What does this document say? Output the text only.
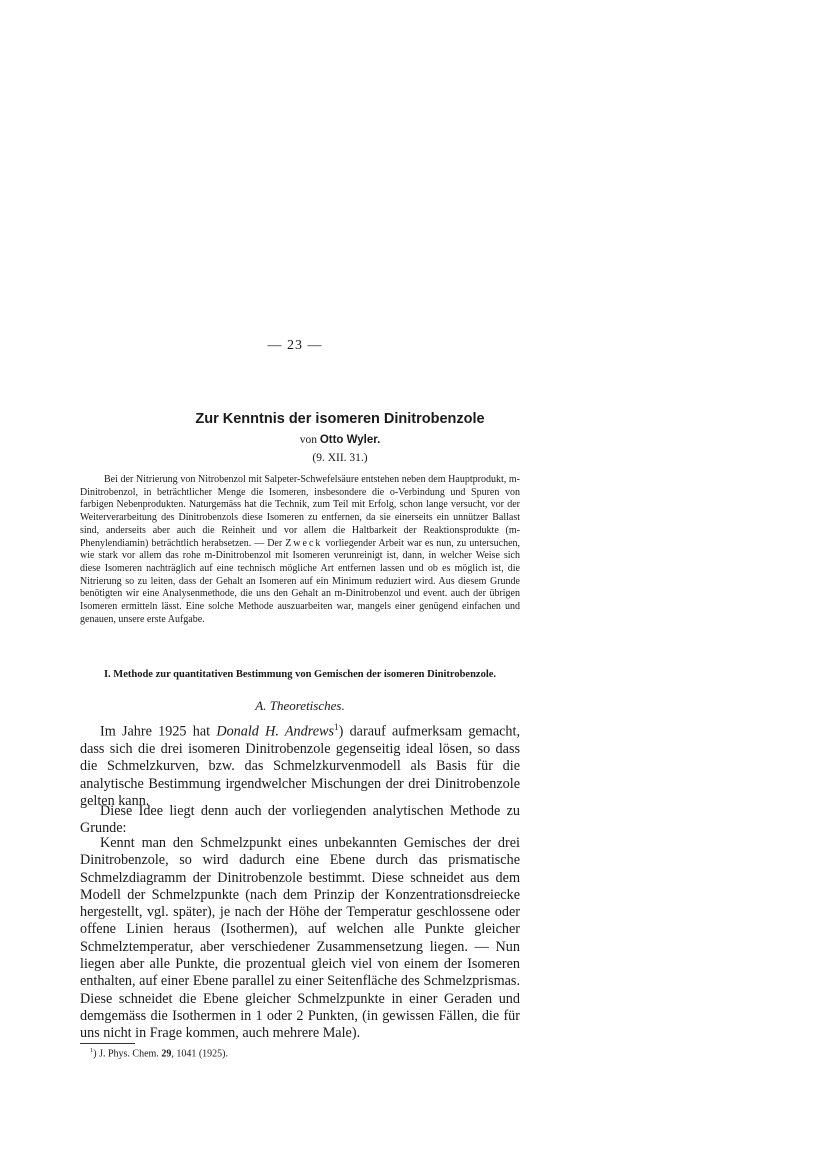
— 23 —
Zur Kenntnis der isomeren Dinitrobenzole
von Otto Wyler.
(9. XII. 31.)

Bei der Nitrierung von Nitrobenzol mit Salpeter-Schwefelsäure entstehen neben dem Hauptprodukt, m-Dinitrobenzol, in beträchtlicher Menge die Isomeren, insbesondere die o-Verbindung und Spuren von farbigen Nebenprodukten. Naturgemäss hat die Technik, zum Teil mit Erfolg, schon lange versucht, vor der Weiterverarbeitung des Dinitrobenzols diese Isomeren zu entfernen, da sie einerseits ein unnützer Ballast sind, anderseits aber auch die Reinheit und vor allem die Haltbarkeit der Reaktionsprodukte (m-Phenylendiamin) beträchtlich herabsetzen. — Der Zweck vorliegender Arbeit war es nun, zu untersuchen, wie stark vor allem das rohe m-Dinitrobenzol mit Isomeren verunreinigt ist, dann, in welcher Weise sich diese Isomeren nachträglich auf eine technisch mögliche Art entfernen lassen und ob es möglich ist, die Nitrierung so zu leiten, dass der Gehalt an Isomeren auf ein Minimum reduziert wird. Aus diesem Grunde benötigten wir eine Analysenmethode, die uns den Gehalt an m-Dinitrobenzol und event. auch der übrigen Isomeren ermitteln lässt. Eine solche Methode auszuarbeiten war, mangels einer genügend einfachen und genauen, unsere erste Aufgabe.

I. Methode zur quantitativen Bestimmung von Gemischen der isomeren Dinitrobenzole.
A. Theoretisches.

Im Jahre 1925 hat Donald H. Andrews$^1$) darauf aufmerksam gemacht, dass sich die drei isomeren Dinitrobenzole gegenseitig ideal lösen, so dass die Schmelzkurven, bzw. das Schmelzkurvenmodell als Basis für die analytische Bestimmung irgendwelcher Mischungen der drei Dinitrobenzole gelten kann.

Diese Idee liegt denn auch der vorliegenden analytischen Methode zu Grunde:

Kennt man den Schmelzpunkt eines unbekannten Gemisches der drei Dinitrobenzole, so wird dadurch eine Ebene durch das prismatische Schmelzdiagramm der Dinitrobenzole bestimmt. Diese schneidet aus dem Modell der Schmelzpunkte (nach dem Prinzip der Konzentrationsdreiecke hergestellt, vgl. später), je nach der Höhe der Temperatur geschlossene oder offene Linien heraus (Isothermen), auf welchen alle Punkte gleicher Schmelztemperatur, aber verschiedener Zusammensetzung liegen. — Nun liegen aber alle Punkte, die prozentual gleich viel von einem der Isomeren enthalten, auf einer Ebene parallel zu einer Seitenfläche des Schmelzprismas. Diese schneidet die Ebene gleicher Schmelzpunkte in einer Geraden und demgemäss die Isothermen in 1 oder 2 Punkten, (in gewissen Fällen, die für uns nicht in Frage kommen, auch mehrere Male).

$^1$) J. Phys. Chem. 29, 1041 (1925).
